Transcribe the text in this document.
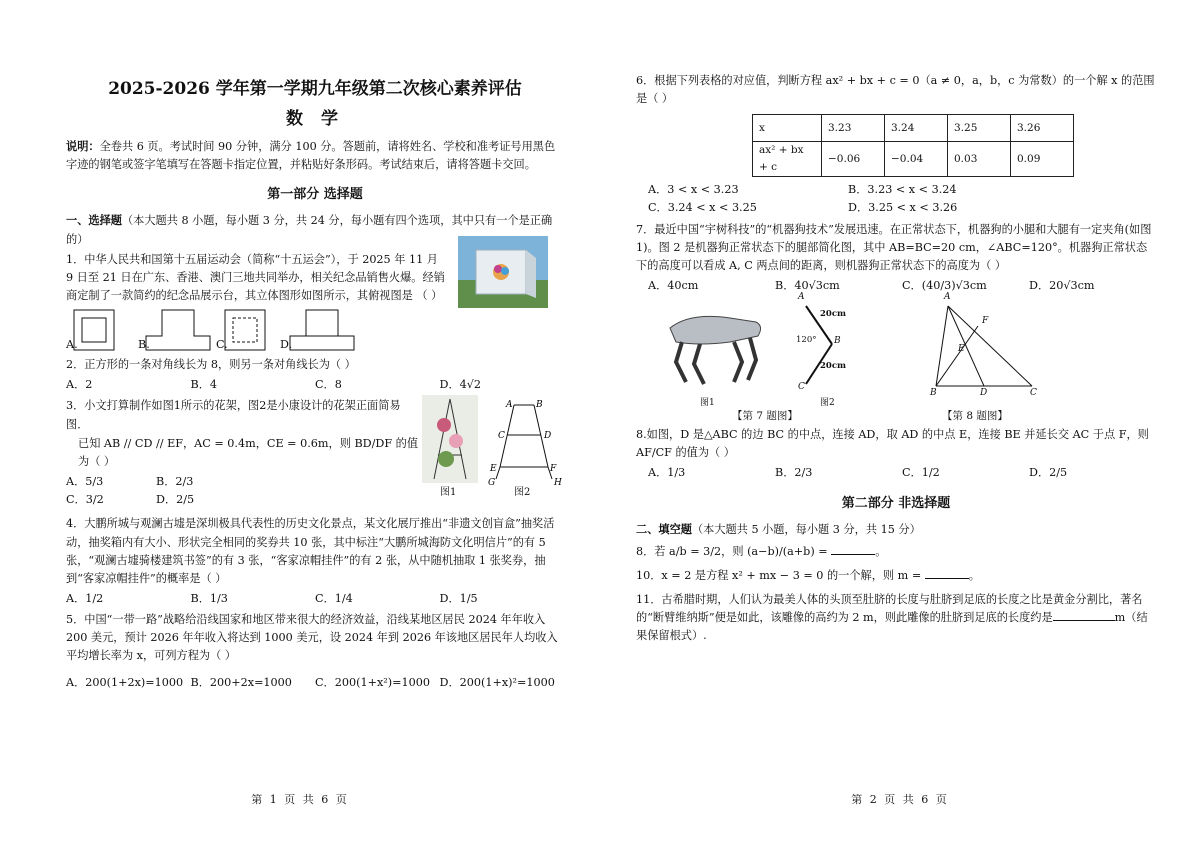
2025-2026 学年第一学期九年级第二次核心素养评估
数 学

说明：全卷共 6 页。考试时间 90 分钟，满分 100 分。答题前，请将姓名、学校和准考证号用黑色字迹的钢笔或签字笔填写在答题卡指定位置，并粘贴好条形码。考试结束后，请将答题卡交回。

第一部分 选择题

一、选择题（本大题共 8 小题，每小题 3 分，共 24 分，每小题有四个选项，其中只有一个是正确的）

1．中华人民共和国第十五届运动会（简称“十五运会”），于 2025 年 11 月 9 日至 21 日在广东、香港、澳门三地共同举办，相关纪念品销售火爆。经销商定制了一款简约的纪念品展示台，其立体图形如图所示，其俯视图是 （ ）

A.	B.	C.	D.

2．正方形的一条对角线长为 8，则另一条对角线长为（ ）

A．2	B．4	C．8	D．4√2

3．小文打算制作如图1所示的花架，图2是小康设计的花架正面简易图．

已知 AB // CD // EF，AC = 0.4m，CE = 0.6m，则 BD/DF 的值为（ ）

A．5/3	B．2/3
C．3/2	D．2/5
图1
A	B
C	D
E	F
G	H
图2

4．大鹏所城与观澜古墟是深圳极具代表性的历史文化景点，某文化展厅推出“非遗文创盲盒”抽奖活动，抽奖箱内有大小、形状完全相同的奖券共 10 张，其中标注“大鹏所城海防文化明信片”的有 5 张，“观澜古墟骑楼建筑书签”的有 3 张，“客家凉帽挂件”的有 2 张，从中随机抽取 1 张奖券，抽到“客家凉帽挂件”的概率是（ ）

A．1/2	B．1/3	C．1/4	D．1/5

5．中国“一带一路”战略给沿线国家和地区带来很大的经济效益，沿线某地区居民 2024 年年收入 200 美元，预计 2026 年年收入将达到 1000 美元，设 2024 年到 2026 年该地区居民年人均收入平均增长率为 x，可列方程为（ ）

A．200(1+2x)=1000 B．200+2x=1000	C．200(1+x²)=1000 D．200(1+x)²=1000
第 1 页 共 6 页

6．根据下列表格的对应值，判断方程 ax² + bx + c = 0（a ≠ 0，a，b，c 为常数）的一个解 x 的范围是（ ）

x	3.23	3.24	3.25	3.26
ax² + bx + c	−0.06	−0.04	0.03	0.09
A．3 < x < 3.23	B．3.23 < x < 3.24
C．3.24 < x < 3.25	D．3.25 < x < 3.26

7．最近中国“宇树科技”的“机器狗技术”发展迅速。在正常状态下，机器狗的小腿和大腿有一定夹角(如图 1)。图 2 是机器狗正常状态下的腿部简化图，其中 AB=BC=20 cm，∠ABC=120°。机器狗正常状态下的高度可以看成 A, C 两点间的距离，则机器狗正常状态下的高度为（ ）

A．40cm	B．40√3cm	C．(40/3)√3cm	D．20√3cm
图1
A
B
C
20cm
20cm
120°
图2
A
B	D	C
E
F
【第 7 题图】	【第 8 题图】

8.如图，D 是△ABC 的边 BC 的中点，连接 AD，取 AD 的中点 E，连接 BE 并延长交 AC 于点 F，则 AF/CF 的值为（ ）

A．1/3	B．2/3	C．1/2	D．2/5
第二部分 非选择题

二、填空题（本大题共 5 小题，每小题 3 分，共 15 分）

8．若 a/b = 3/2，则 (a−b)/(a+b) =	。

10．x = 2 是方程 x² + mx − 3 = 0 的一个解，则 m =	。

11．古希腊时期，人们认为最美人体的头顶至肚脐的长度与肚脐到足底的长度之比是黄金分割比，著名的“断臂维纳斯”便是如此，该雕像的高约为 2 m，则此雕像的肚脐到足底的长度约是	m（结果保留根式）.

第 2 页 共 6 页
